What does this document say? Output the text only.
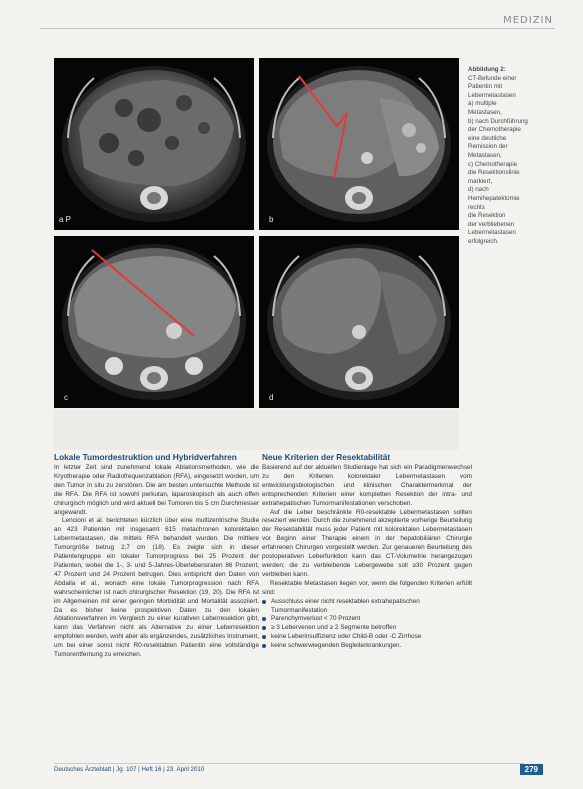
MEDIZIN
a P	b
c	d
Abbildung 2:
CT-Befunde einer
Patientin mit Lebermetastasen
a) multiple Metastasen,
b) nach Durchführung der Chemotherapie
eine deutliche
Remission der Metastasen,
c) Chemotherapie
die Resektionslinie
markiert,
d) nach Hemihepatektomie
rechts
die Resektion
der verbliebenen
Lebermetastasen
erfolgreich.
Lokale Tumordestruktion und Hybridverfahren

In letzter Zeit sind zunehmend lokale Ablationsmethoden, wie die Kryotherapie oder Radiofrequenzablation (RFA), eingesetzt worden, um den Tumor in situ zu zerstören. Die am besten untersuchte Methode ist die RFA. Die RFA ist sowohl perkutan, laparoskopisch als auch offen chirurgisch möglich und wird aktuell bei Tumoren bis 5 cm Durchmesser angewandt.

Lencioni et al. berichteten kürzlich über eine multizentrische Studie an 423 Patienten mit insgesamt 615 metachronen kolorektalen Lebermetastasen, die mittels RFA behandelt wurden. Die mittlere Tumorgröße betrug 2,7 cm (18). Es zeigte sich in dieser Patientengruppe ein lokaler Tumorprogress bei 25 Prozent der Patienten, wobei die 1-, 3- und 5-Jahres-Überlebensraten 86 Prozent, 47 Prozent und 24 Prozent betrugen. Dies entspricht den Daten von Abdalla et al., wonach eine lokale Tumorprogression nach RFA wahrscheinlicher ist nach chirurgischer Resektion (19, 20). Die RFA ist im Allgemeinen mit einer geringen Morbidität und Mortalität assoziiert. Da es bisher keine prospektiven Daten zu den lokalen Ablationsverfahren im Vergleich zu einer kurativen Leberresektion gibt, kann das Verfahren nicht als Alternative zu einer Leberresektion empfohlen werden, wohl aber als ergänzendes, zusätzliches Instrument, um bei einer sonst nicht R0-resektablen Patientin eine vollständige Tumorentfernung zu erreichen.

Neue Kriterien der Resektabilität

Basierend auf der aktuellen Studienlage hat sich ein Paradigmenwechsel zu den Kriterien kolorektaler Lebermetastasen vom entwicklungsbiologischen und klinischen Charaktermerkmal der entsprechenden Kriterien einer kompletten Resektion der intra- und extrahepatischen Tumormanifestationen verschoben.

Auf die Leber beschränkte R0-resektable Lebermetastasen sollten reseziert werden. Durch die zunehmend akzeptierte vorherige Beurteilung der Resektabilität muss jeder Patient mit kolorektalen Lebermetastasen vor Beginn einer Therapie einem in der hepatobiliären Chirurgie erfahrenen Chirurgen vorgestellt werden. Zur genaueren Beurteilung des postoperativen Leberfunktion kann das CT-Volumetrie herangezogen werden; die zu verbleibende Lebergewebe soll ≥30 Prozent gegen verbleiben kann.

Resektable Metastasen liegen vor, wenn die folgenden Kriterien erfüllt sind:

Ausschluss einer nicht resektablen extrahepatischen Tumormanifestation
Parenchymverlust < 70 Prozent
≥ 3 Lebervenen und ≥ 2 Segmente betroffen
keine Leberinsuffizienz oder Child-B oder -C Zirrhose
keine schwerwiegenden Begleiterkrankungen.
Deutsches Ärzteblatt | Jg. 107 | Heft 16 | 23. April 2010	279
